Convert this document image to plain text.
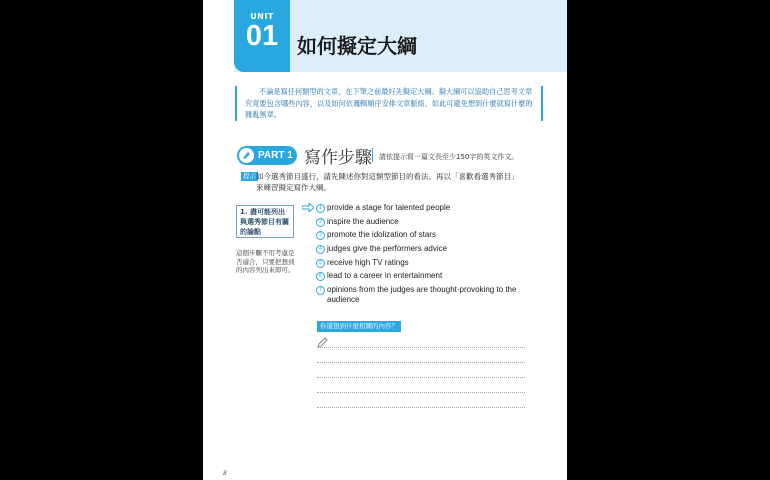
UNIT
01 如何擬定大綱
不論是寫任何類型的文章，在下筆之前最好先擬定大綱。擬大綱可以協助自己思考文章究竟要包含哪些內容，以及如何依邏輯順序安排文章脈絡，如此可避免想到什麼就寫什麼的雜亂無章。
PART 1 寫作步驟 請依提示寫一篇文長至少150字的英文作文。
提示 如今選秀節目盛行，請先陳述你對這類型節目的看法。再以「喜歡看選秀節目」來練習擬定寫作大綱。
1. 盡可能列出與選秀節目有關的論點
這個步驟不用考慮是否適合，只要把想到的內容列出來即可。
1 provide a stage for talented people
2 inspire the audience
3 promote the idolization of stars
4 judges give the performers advice
5 receive high TV ratings
6 lead to a career in entertainment
7 opinions from the judges are thought-provoking to the audience
你還想到什麼相關的內容？
8
